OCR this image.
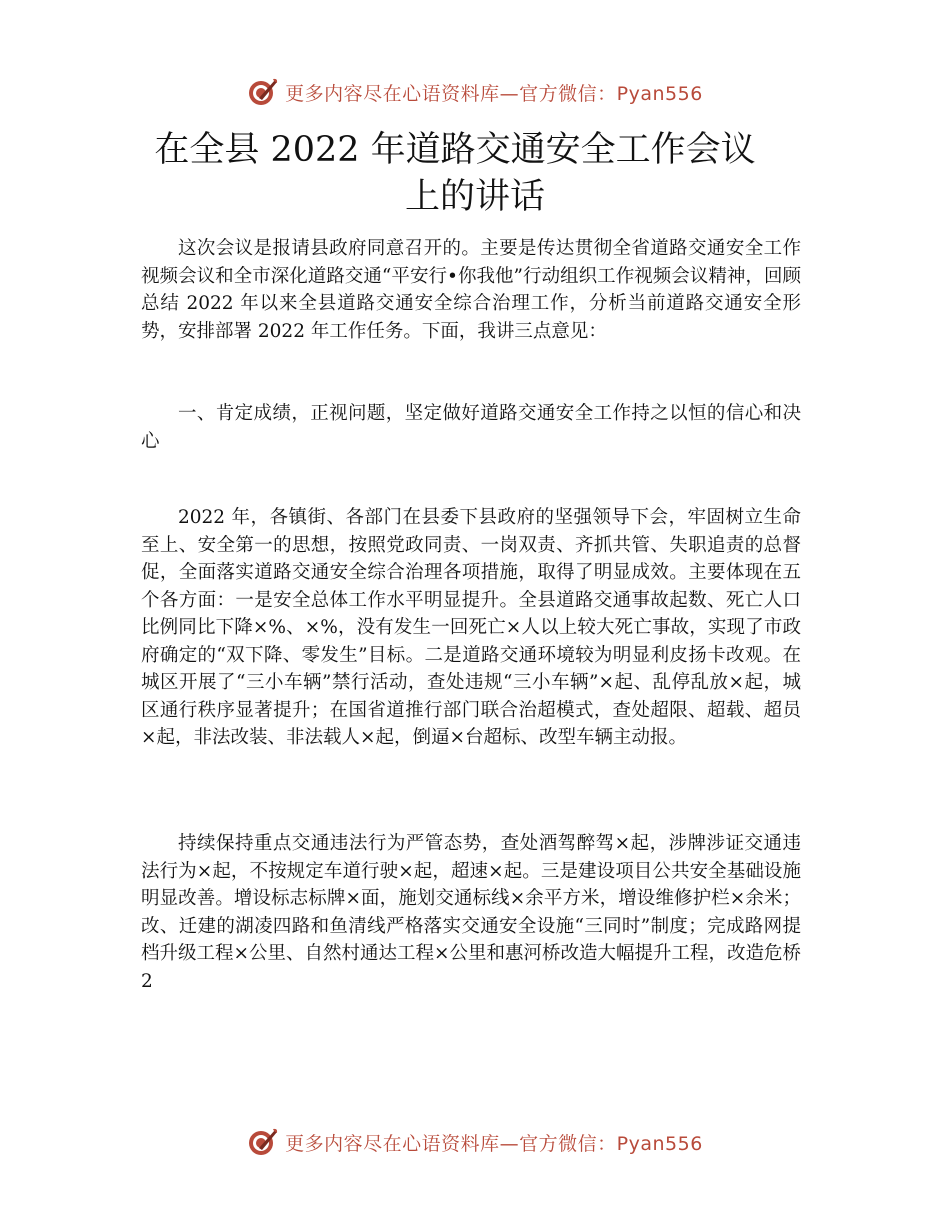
更多内容尽在心语资料库—官方微信：Pyan556
在全县 2022 年道路交通安全工作会议
上的讲话

这次会议是报请县政府同意召开的。主要是传达贯彻全省道路交通安全工作视频会议和全市深化道路交通“平安行•你我他”行动组织工作视频会议精神，回顾总结 2022 年以来全县道路交通安全综合治理工作，分析当前道路交通安全形势，安排部署 2022 年工作任务。下面，我讲三点意见：

一、肯定成绩，正视问题，坚定做好道路交通安全工作持之以恒的信心和决心

2022 年，各镇街、各部门在县委下县政府的坚强领导下会，牢固树立生命至上、安全第一的思想，按照党政同责、一岗双责、齐抓共管、失职追责的总督促，全面落实道路交通安全综合治理各项措施，取得了明显成效。主要体现在五个各方面：一是安全总体工作水平明显提升。全县道路交通事故起数、死亡人口比例同比下降×%、×%，没有发生一回死亡×人以上较大死亡事故，实现了市政府确定的“双下降、零发生”目标。二是道路交通环境较为明显利皮扬卡改观。在城区开展了“三小车辆”禁行活动，查处违规“三小车辆”×起、乱停乱放×起，城区通行秩序显著提升；在国省道推行部门联合治超模式，查处超限、超载、超员×起，非法改装、非法载人×起，倒逼×台超标、改型车辆主动报。

持续保持重点交通违法行为严管态势，查处酒驾醉驾×起，涉牌涉证交通违法行为×起，不按规定车道行驶×起，超速×起。三是建设项目公共安全基础设施明显改善。增设标志标牌×面，施划交通标线×余平方米，增设维修护栏×余米；改、迁建的湖凌四路和鱼清线严格落实交通安全设施“三同时”制度；完成路网提档升级工程×公里、自然村通达工程×公里和惠河桥改造大幅提升工程，改造危桥 2

更多内容尽在心语资料库—官方微信：Pyan556
